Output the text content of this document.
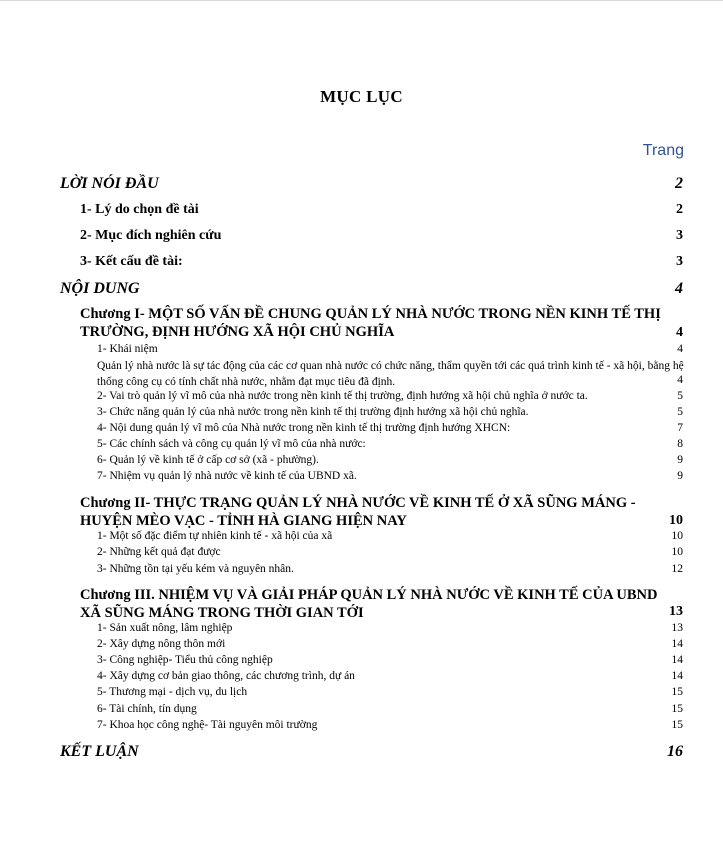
MỤC LỤC
Trang
LỜI NÓI ĐẦU	2
1- Lý do chọn đề tài	2
2- Mục đích nghiên cứu	3
3- Kết cấu đề tài:	3
NỘI DUNG	4
Chương I- MỘT SỐ VẤN ĐỀ CHUNG QUẢN LÝ NHÀ NƯỚC TRONG NỀN KINH TẾ THỊ
TRƯỜNG, ĐỊNH HƯỚNG XÃ HỘI CHỦ NGHĨA	4
1- Khái niệm	4
Quản lý nhà nước là sự tác động của các cơ quan nhà nước có chức năng, thẩm quyền tới các quá trình kinh tế - xã hội, bằng hệ thống công cụ có tính chất nhà nước, nhằm đạt mục tiêu đã định.	4
2- Vai trò quản lý vĩ mô của nhà nước trong nền kinh tế thị trường, định hướng xã hội chủ nghĩa ở nước ta.	5
3- Chức năng quản lý của nhà nước trong nền kinh tế thị trường định hướng xã hội chủ nghĩa.	5
4- Nội dung quản lý vĩ mô của Nhà nước trong nền kinh tế thị trường định hướng XHCN:	7
5- Các chính sách và công cụ quản lý vĩ mô của nhà nước:	8
6- Quản lý về kinh tế ở cấp cơ sở (xã - phường).	9
7- Nhiệm vụ quản lý nhà nước về kinh tế của UBND xã.	9
Chương II- THỰC TRẠNG QUẢN LÝ NHÀ NƯỚC VỀ KINH TẾ Ở XÃ SŨNG MÁNG -
HUYỆN MÈO VẠC - TỈNH HÀ GIANG HIỆN NAY	10
1- Một số đặc điểm tự nhiên kinh tế - xã hội của xã	10
2- Những kết quả đạt được	10
3- Những tồn tại yếu kém và nguyên nhân.	12
Chương III. NHIỆM VỤ VÀ GIẢI PHÁP QUẢN LÝ NHÀ NƯỚC VỀ KINH TẾ CỦA UBND
XÃ SŨNG MÁNG TRONG THỜI GIAN TỚI	13
1- Sản xuất nông, lâm nghiệp	13
2- Xây dựng nông thôn mới	14
3- Công nghiệp- Tiểu thủ công nghiệp	14
4- Xây dựng cơ bản giao thông, các chương trình, dự án	14
5- Thương mại - dịch vụ, du lịch	15
6- Tài chính, tín dụng	15
7- Khoa học công nghệ- Tài nguyên môi trường	15
KẾT LUẬN	16
